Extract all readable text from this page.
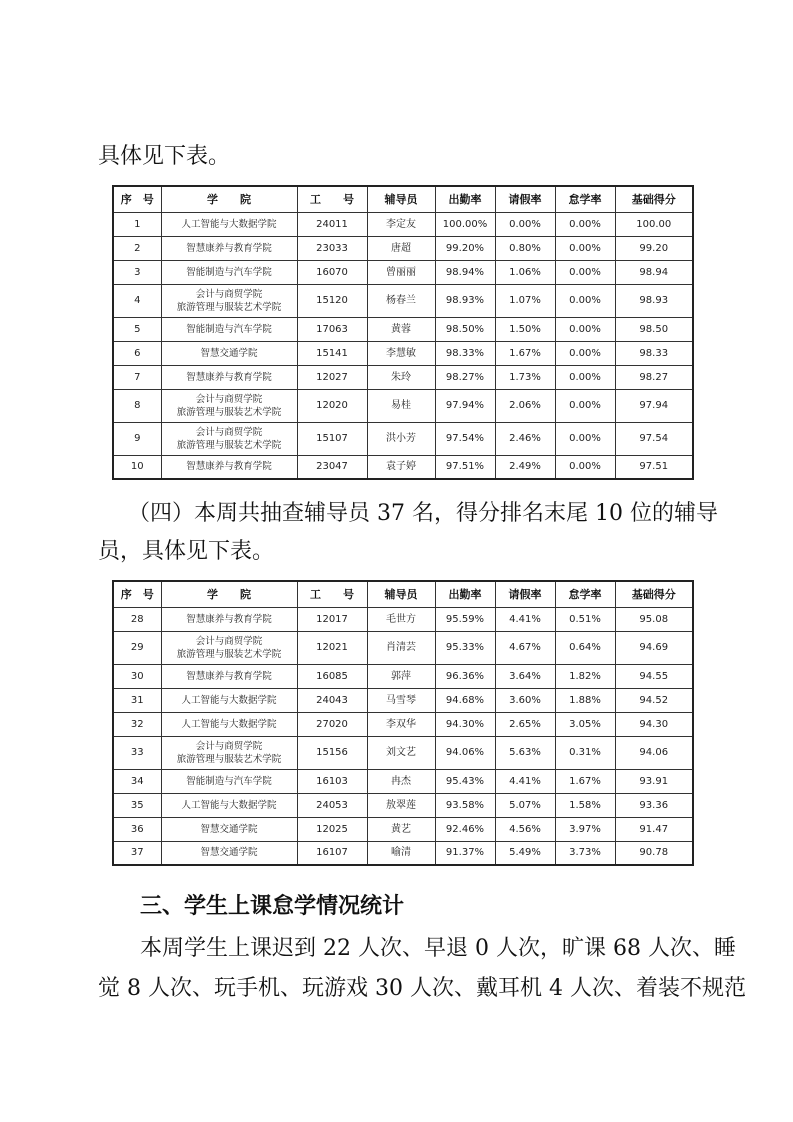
具体见下表。
序　号	学　　院	工　　号	辅导员	出勤率	请假率	怠学率	基础得分
1	人工智能与大数据学院	24011	李定友	100.00%	0.00%	0.00%	100.00
2	智慧康养与教育学院	23033	唐超	99.20%	0.80%	0.00%	99.20
3	智能制造与汽车学院	16070	曾丽丽	98.94%	1.06%	0.00%	98.94
4	会计与商贸学院
旅游管理与服装艺术学院	15120	杨春兰	98.93%	1.07%	0.00%	98.93
5	智能制造与汽车学院	17063	黄蓉	98.50%	1.50%	0.00%	98.50
6	智慧交通学院	15141	李慧敏	98.33%	1.67%	0.00%	98.33
7	智慧康养与教育学院	12027	朱玲	98.27%	1.73%	0.00%	98.27
8	会计与商贸学院
旅游管理与服装艺术学院	12020	易桂	97.94%	2.06%	0.00%	97.94
9	会计与商贸学院
旅游管理与服装艺术学院	15107	洪小芳	97.54%	2.46%	0.00%	97.54
10	智慧康养与教育学院	23047	袁子婷	97.51%	2.49%	0.00%	97.51
（四）本周共抽查辅导员 37 名，得分排名末尾 10 位的辅导
员，具体见下表。
序　号	学　　院	工　　号	辅导员	出勤率	请假率	怠学率	基础得分
28	智慧康养与教育学院	12017	毛世方	95.59%	4.41%	0.51%	95.08
29	会计与商贸学院
旅游管理与服装艺术学院	12021	肖清芸	95.33%	4.67%	0.64%	94.69
30	智慧康养与教育学院	16085	郭萍	96.36%	3.64%	1.82%	94.55
31	人工智能与大数据学院	24043	马雪琴	94.68%	3.60%	1.88%	94.52
32	人工智能与大数据学院	27020	李双华	94.30%	2.65%	3.05%	94.30
33	会计与商贸学院
旅游管理与服装艺术学院	15156	刘文艺	94.06%	5.63%	0.31%	94.06
34	智能制造与汽车学院	16103	冉杰	95.43%	4.41%	1.67%	93.91
35	人工智能与大数据学院	24053	敖翠莲	93.58%	5.07%	1.58%	93.36
36	智慧交通学院	12025	黄艺	92.46%	4.56%	3.97%	91.47
37	智慧交通学院	16107	喻清	91.37%	5.49%	3.73%	90.78
三、学生上课怠学情况统计
本周学生上课迟到 22 人次、早退 0 人次，旷课 68 人次、睡
觉 8 人次、玩手机、玩游戏 30 人次、戴耳机 4 人次、着装不规范
